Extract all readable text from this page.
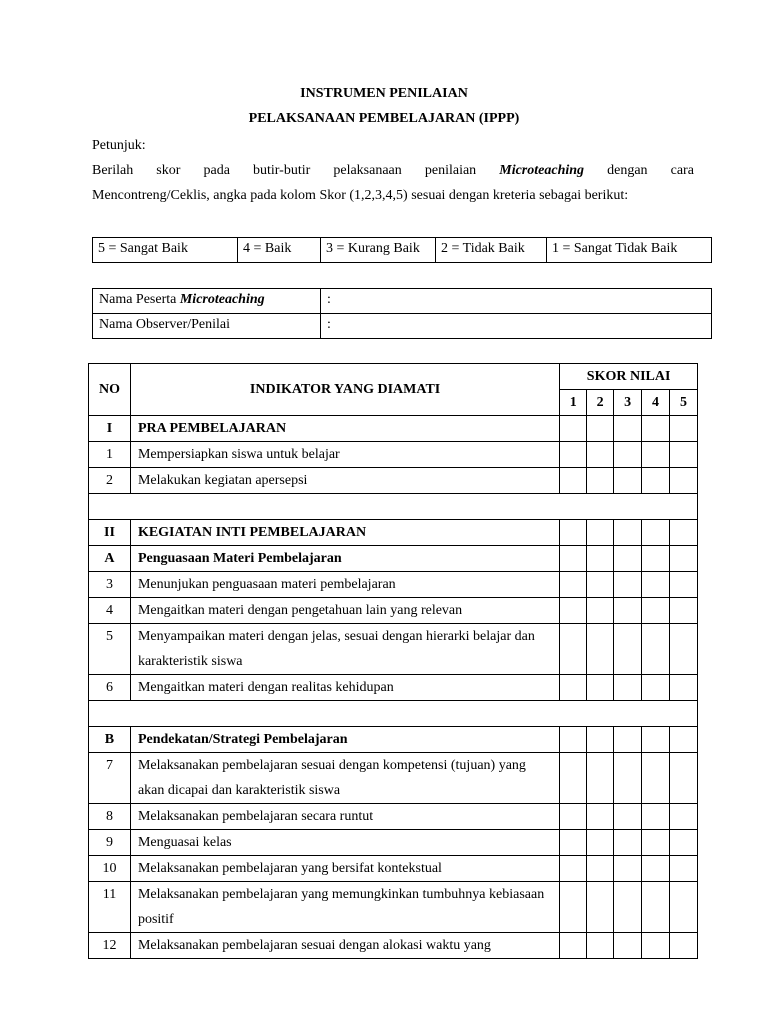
INSTRUMEN PENILAIAN
PELAKSANAAN PEMBELAJARAN (IPPP)
Petunjuk:
Berilah skor pada butir-butir pelaksanaan penilaian Microteaching dengan cara
Mencontreng/Ceklis, angka pada kolom Skor (1,2,3,4,5) sesuai dengan kreteria sebagai berikut:
5 = Sangat Baik	4 = Baik	3 = Kurang Baik	2 = Tidak Baik	1 = Sangat Tidak Baik
Nama Peserta Microteaching	:
Nama Observer/Penilai	:
NO	INDIKATOR YANG DIAMATI	SKOR NILAI				
		1	2	3	4	5
I	PRA PEMBELAJARAN					
1	Mempersiapkan siswa untuk belajar					
2	Melakukan kegiatan apersepsi					

II	KEGIATAN INTI PEMBELAJARAN					
A	Penguasaan Materi Pembelajaran					
3	Menunjukan penguasaan materi pembelajaran					
4	Mengaitkan materi dengan pengetahuan lain yang relevan					
5	Menyampaikan materi dengan jelas, sesuai dengan hierarki belajar dan karakteristik siswa					
6	Mengaitkan materi dengan realitas kehidupan					

B	Pendekatan/Strategi Pembelajaran					
7	Melaksanakan pembelajaran sesuai dengan kompetensi (tujuan) yang akan dicapai dan karakteristik siswa					
8	Melaksanakan pembelajaran secara runtut					
9	Menguasai kelas					
10	Melaksanakan pembelajaran yang bersifat kontekstual					
11	Melaksanakan pembelajaran yang memungkinkan tumbuhnya kebiasaan positif					
12	Melaksanakan pembelajaran sesuai dengan alokasi waktu yang					
